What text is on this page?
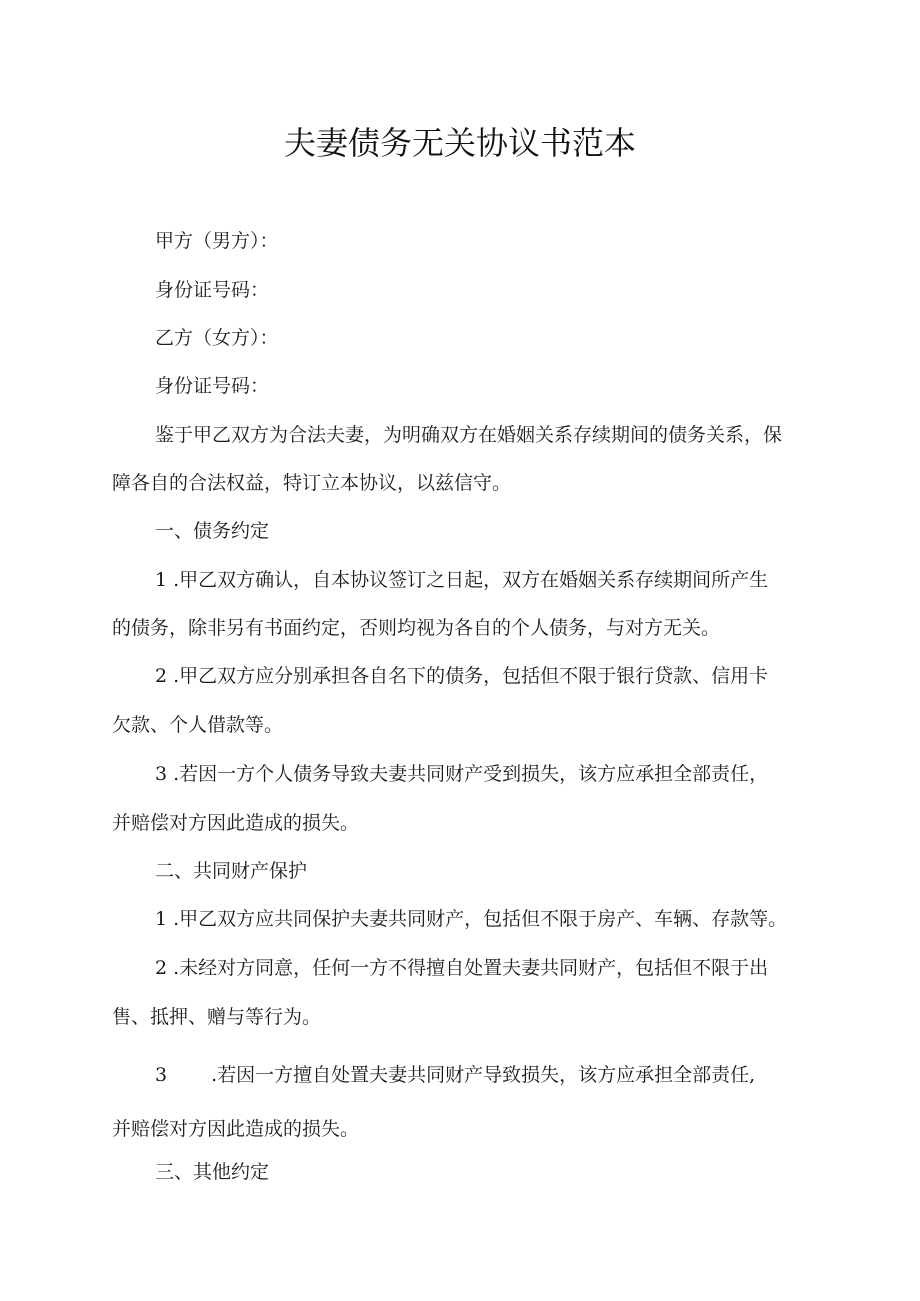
夫妻债务无关协议书范本
甲方（男方）：
身份证号码：
乙方（女方）：
身份证号码：
鉴于甲乙双方为合法夫妻，为明确双方在婚姻关系存续期间的债务关系，保
障各自的合法权益，特订立本协议，以兹信守。
一、债务约定
1 .甲乙双方确认，自本协议签订之日起，双方在婚姻关系存续期间所产生
的债务，除非另有书面约定，否则均视为各自的个人债务，与对方无关。
2 .甲乙双方应分别承担各自名下的债务，包括但不限于银行贷款、信用卡
欠款、个人借款等。
3 .若因一方个人债务导致夫妻共同财产受到损失，该方应承担全部责任，
并赔偿对方因此造成的损失。
二、共同财产保护
1 .甲乙双方应共同保护夫妻共同财产，包括但不限于房产、车辆、存款等。
2 .未经对方同意，任何一方不得擅自处置夫妻共同财产，包括但不限于出
售、抵押、赠与等行为。
3 .若因一方擅自处置夫妻共同财产导致损失，该方应承担全部责任,
并赔偿对方因此造成的损失。
三、其他约定
